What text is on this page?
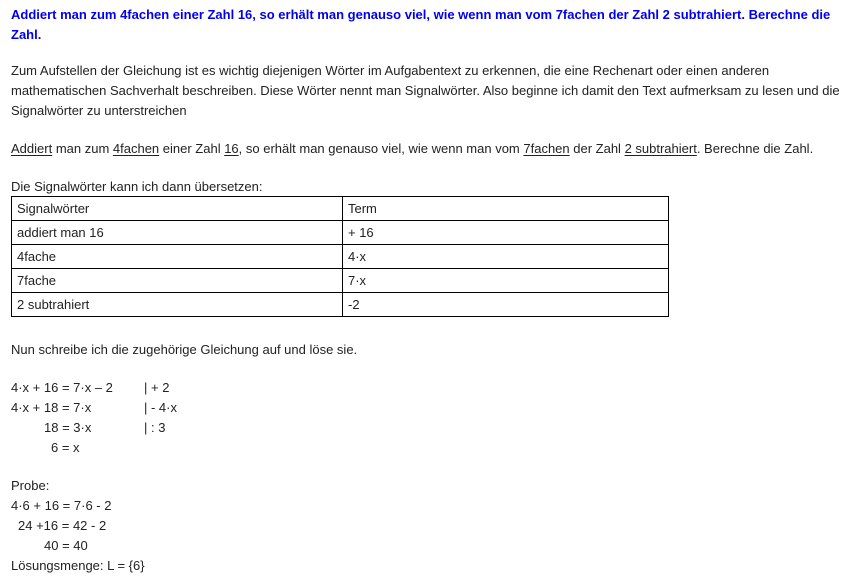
Addiert man zum 4fachen einer Zahl 16, so erhält man genauso viel, wie wenn man vom 7fachen der Zahl 2 subtrahiert. Berechne die Zahl.
Zum Aufstellen der Gleichung ist es wichtig diejenigen Wörter im Aufgabentext zu erkennen, die eine Rechenart oder einen anderen mathematischen Sachverhalt beschreiben. Diese Wörter nennt man Signalwörter. Also beginne ich damit den Text aufmerksam zu lesen und die Signalwörter zu unterstreichen
Addiert man zum 4fachen einer Zahl 16, so erhält man genauso viel, wie wenn man vom 7fachen der Zahl 2 subtrahiert. Berechne die Zahl.
Die Signalwörter kann ich dann übersetzen:
Signalwörter	Term
addiert man 16	+ 16
4fache	4·x
7fache	7·x
2 subtrahiert	-2
Nun schreibe ich die zugehörige Gleichung auf und löse sie.
4·x + 16 = 7·x – 2 | + 2
4·x + 18 = 7·x	| - 4·x
18 = 3·x	| : 3
6 = x
Probe:
4·6 + 16 = 7·6 - 2
24 +16 = 42 - 2
40 = 40
Lösungsmenge: L = {6}
